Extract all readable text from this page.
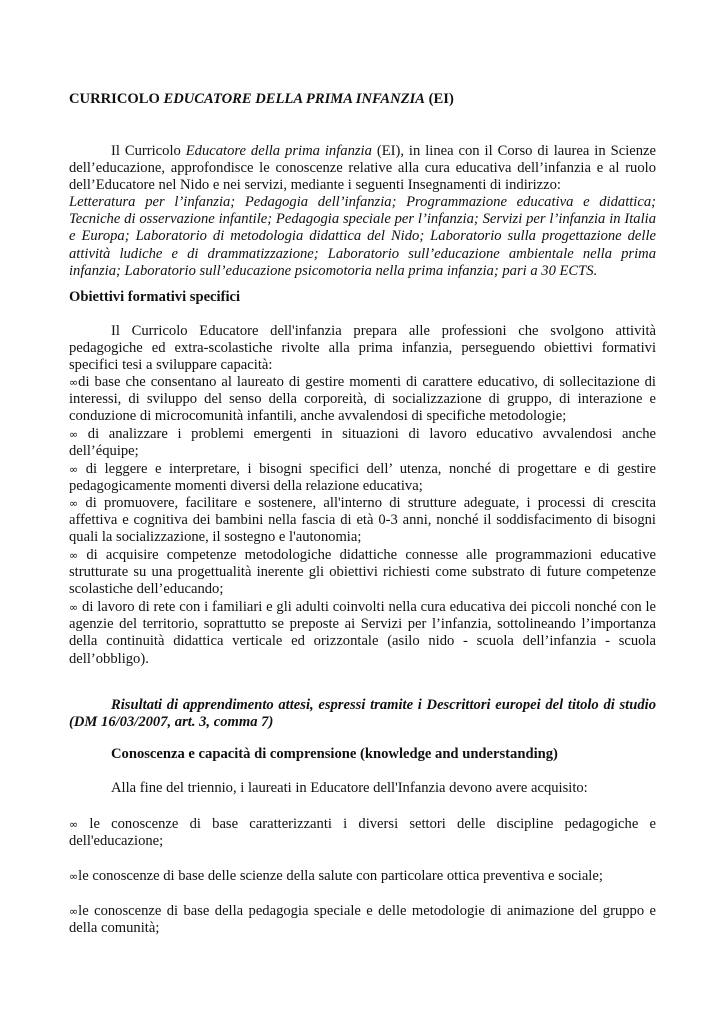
CURRICOLO EDUCATORE DELLA PRIMA INFANZIA (EI)

Il Curricolo Educatore della prima infanzia (EI), in linea con il Corso di laurea in Scienze dell’educazione, approfondisce le conoscenze relative alla cura educativa dell’infanzia e al ruolo dell’Educatore nel Nido e nei servizi, mediante i seguenti Insegnamenti di indirizzo:

Letteratura per l’infanzia; Pedagogia dell’infanzia; Programmazione educativa e didattica; Tecniche di osservazione infantile; Pedagogia speciale per l’infanzia; Servizi per l’infanzia in Italia e Europa; Laboratorio di metodologia didattica del Nido; Laboratorio sulla progettazione delle attività ludiche e di drammatizzazione; Laboratorio sull’educazione ambientale nella prima infanzia; Laboratorio sull’educazione psicomotoria nella prima infanzia; pari a 30 ECTS.

Obiettivi formativi specifici

Il Curricolo Educatore dell'infanzia prepara alle professioni che svolgono attività pedagogiche ed extra-scolastiche rivolte alla prima infanzia, perseguendo obiettivi formativi specifici tesi a sviluppare capacità:

∞di base che consentano al laureato di gestire momenti di carattere educativo, di sollecitazione di interessi, di sviluppo del senso della corporeità, di socializzazione di gruppo, di interazione e conduzione di microcomunità infantili, anche avvalendosi di specifiche metodologie;

∞ di analizzare i problemi emergenti in situazioni di lavoro educativo avvalendosi anche dell’équipe;

∞ di leggere e interpretare, i bisogni specifici dell’ utenza, nonché di progettare e di gestire pedagogicamente momenti diversi della relazione educativa;

∞ di promuovere, facilitare e sostenere, all'interno di strutture adeguate, i processi di crescita affettiva e cognitiva dei bambini nella fascia di età 0-3 anni, nonché il soddisfacimento di bisogni quali la socializzazione, il sostegno e l'autonomia;

∞ di acquisire competenze metodologiche didattiche connesse alle programmazioni educative strutturate su una progettualità inerente gli obiettivi richiesti come substrato di future competenze scolastiche dell’educando;

∞ di lavoro di rete con i familiari e gli adulti coinvolti nella cura educativa dei piccoli nonché con le agenzie del territorio, soprattutto se preposte ai Servizi per l’infanzia, sottolineando l’importanza della continuità didattica verticale ed orizzontale (asilo nido - scuola dell’infanzia - scuola dell’obbligo).

Risultati di apprendimento attesi, espressi tramite i Descrittori europei del titolo di studio (DM 16/03/2007, art. 3, comma 7)

Conoscenza e capacità di comprensione (knowledge and understanding)

Alla fine del triennio, i laureati in Educatore dell'Infanzia devono avere acquisito:

∞ le conoscenze di base caratterizzanti i diversi settori delle discipline pedagogiche e dell'educazione;

∞le conoscenze di base delle scienze della salute con particolare ottica preventiva e sociale;

∞le conoscenze di base della pedagogia speciale e delle metodologie di animazione del gruppo e della comunità;
